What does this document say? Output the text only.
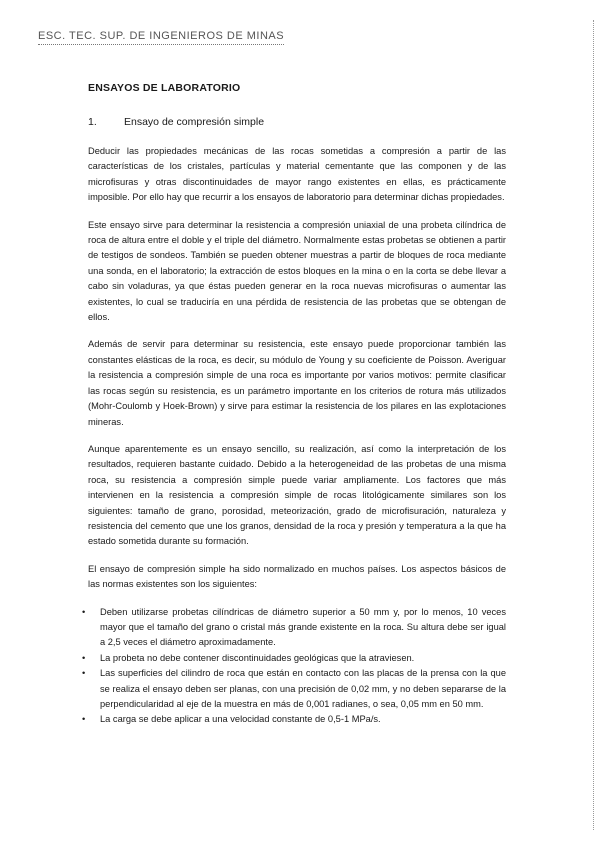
ESC. TEC. SUP. DE INGENIEROS DE MINAS
ENSAYOS DE LABORATORIO
1.	Ensayo de compresión simple

Deducir las propiedades mecánicas de las rocas sometidas a compresión a partir de las características de los cristales, partículas y material cementante que las componen y de las microfisuras y otras discontinuidades de mayor rango existentes en ellas, es prácticamente imposible. Por ello hay que recurrir a los ensayos de laboratorio para determinar dichas propiedades.

Este ensayo sirve para determinar la resistencia a compresión uniaxial de una probeta cilíndrica de roca de altura entre el doble y el triple del diámetro. Normalmente estas probetas se obtienen a partir de testigos de sondeos. También se pueden obtener muestras a partir de bloques de roca mediante una sonda, en el laboratorio; la extracción de estos bloques en la mina o en la corta se debe llevar a cabo sin voladuras, ya que éstas pueden generar en la roca nuevas microfisuras o aumentar las existentes, lo cual se traduciría en una pérdida de resistencia de las probetas que se obtengan de ellos.

Además de servir para determinar su resistencia, este ensayo puede proporcionar también las constantes elásticas de la roca, es decir, su módulo de Young y su coeficiente de Poisson. Averiguar la resistencia a compresión simple de una roca es importante por varios motivos: permite clasificar las rocas según su resistencia, es un parámetro importante en los criterios de rotura más utilizados (Mohr-Coulomb y Hoek-Brown) y sirve para estimar la resistencia de los pilares en las explotaciones mineras.

Aunque aparentemente es un ensayo sencillo, su realización, así como la interpretación de los resultados, requieren bastante cuidado. Debido a la heterogeneidad de las probetas de una misma roca, su resistencia a compresión simple puede variar ampliamente. Los factores que más intervienen en la resistencia a compresión simple de rocas litológicamente similares son los siguientes: tamaño de grano, porosidad, meteorización, grado de microfisuración, naturaleza y resistencia del cemento que une los granos, densidad de la roca y presión y temperatura a la que ha estado sometida durante su formación.

El ensayo de compresión simple ha sido normalizado en muchos países. Los aspectos básicos de las normas existentes son los siguientes:

• Deben utilizarse probetas cilíndricas de diámetro superior a 50 mm y, por lo menos, 10 veces mayor que el tamaño del grano o cristal más grande existente en la roca. Su altura debe ser igual a 2,5 veces el diámetro aproximadamente.
• La probeta no debe contener discontinuidades geológicas que la atraviesen.
• Las superficies del cilindro de roca que están en contacto con las placas de la prensa con la que se realiza el ensayo deben ser planas, con una precisión de 0,02 mm, y no deben separarse de la perpendicularidad al eje de la muestra en más de 0,001 radianes, o sea, 0,05 mm en 50 mm.
• La carga se debe aplicar a una velocidad constante de 0,5-1 MPa/s.
